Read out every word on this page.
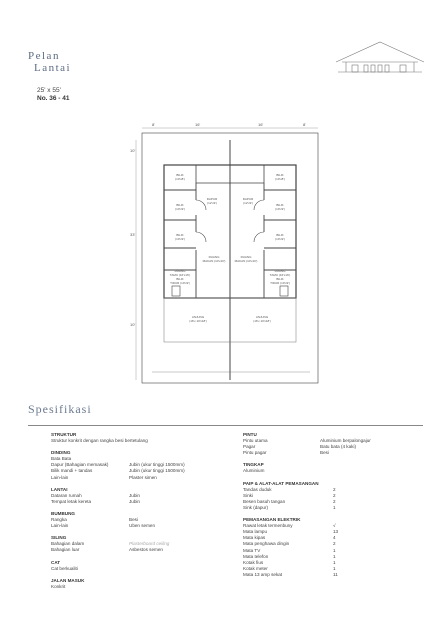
Pelan
Lantai
25' x 55'
No. 36 - 41
8'	16'	16'	8'
10'
33'
10'
BILIK
(10'x8')
BILIK
(10'x9')
DAPUR
(12'x9')
RUANG
MAKAN (10'x10')
BILIK
(10'x9')
RUANG
TAMU (16'x16')
BILIK
TIDUR (10'x9')
ANJUNG
(16'x 10'x18')
BILIK
(10'x8')
BILIK
(10'x9')
DAPUR
(12'x9')
RUANG
MAKAN (10'x10')
BILIK
(10'x9')
RUANG
TAMU (16'x16')
BILIK
TIDUR (10'x9')
ANJUNG
(16'x 10'x18')
Spesifikasi
STRUKTUR
Struktur konkrit dengan rangka besi bertetulang
DINDING
Bata Bata
Dapur (Bahagian memasak)	Jubin (ukur tinggi 1500mm)
Bilik mandi + tandas	Jubin (ukur tinggi 1500mm)
Lain-lain	Plaster simen
LANTAI
Dataran rumah	Jubin
Tempat letak kereta	Jubin
BUMBUNG
Rangka	Besi
Lain-lain	Uben semen
SILING
Bahagian dalam	Plasterboard ceiling
Bahagian luar	Asbestos semen
CAT
Cat berkualiti
JALAN MASUK
Konkrit
PINTU
Pintu utama	Aluminium berpalongajur
Pagar	Batu bata (4 kaki)
Pintu pagar	Besi
TINGKAP
Aluminium
PAIP & ALAT-ALAT PEMASANGAN
Tandas duduk	2
Sinki	2
Besen basuh tangan	2
Sink (dapur)	1
PEMASANGAN ELEKTRIK
Rawat letak termenbuny	√
Mata lampu	13
Mata kipas	4
Mata penghawa dingin	2
Mata TV	1
Mata telefon	1
Kotak fius	1
Kotak meter	1
Mata 13 amp sekat	11
